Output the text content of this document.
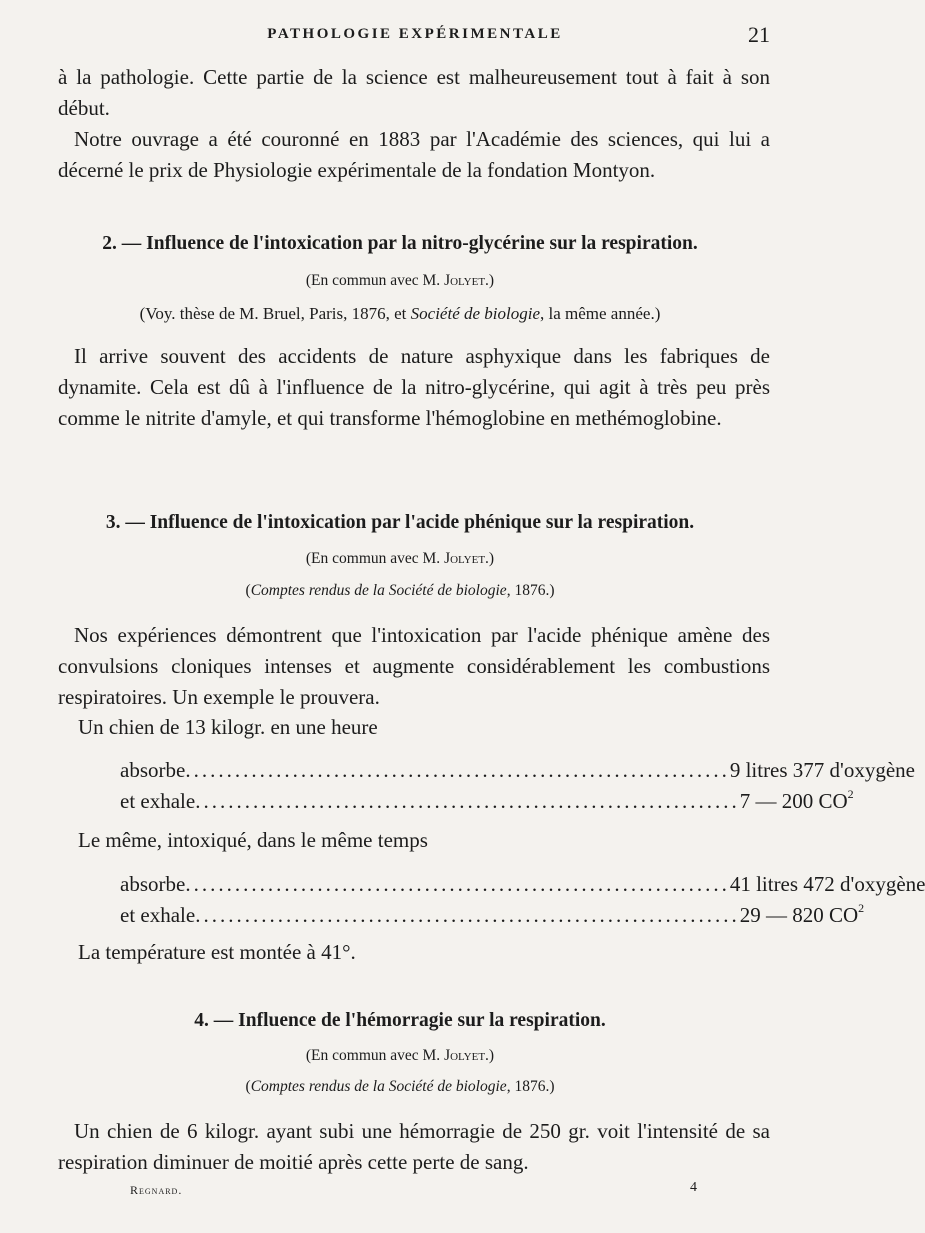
PATHOLOGIE EXPÉRIMENTALE	21

à la pathologie. Cette partie de la science est malheureusement tout à fait à son début.

Notre ouvrage a été couronné en 1883 par l'Académie des sciences, qui lui a décerné le prix de Physiologie expérimentale de la fondation Montyon.

2. — Influence de l'intoxication par la nitro-glycérine sur la respiration.

(En commun avec M. Jolyet.)

(Voy. thèse de M. Bruel, Paris, 1876, et Société de biologie, la même année.)

Il arrive souvent des accidents de nature asphyxique dans les fabriques de dynamite. Cela est dû à l'influence de la nitro-glycérine, qui agit à très peu près comme le nitrite d'amyle, et qui transforme l'hémoglobine en methémoglobine.

3. — Influence de l'intoxication par l'acide phénique sur la respiration.

(En commun avec M. Jolyet.)

(Comptes rendus de la Société de biologie, 1876.)

Nos expériences démontrent que l'intoxication par l'acide phénique amène des convulsions cloniques intenses et augmente considérablement les combustions respiratoires. Un exemple le prouvera.

Un chien de 13 kilogr. en une heure

absorbe .................................................................. 9 litres 377 d'oxygène
et exhale .................................................................. 7 — 200 $CO^2$

Le même, intoxiqué, dans le même temps

absorbe .................................................................. 41 litres 472 d'oxygène
et exhale .................................................................. 29 — 820 $CO^2$

La température est montée à 41°.

4. — Influence de l'hémorragie sur la respiration.

(En commun avec M. Jolyet.)

(Comptes rendus de la Société de biologie, 1876.)

Un chien de 6 kilogr. ayant subi une hémorragie de 250 gr. voit l'intensité de sa respiration diminuer de moitié après cette perte de sang.

Regnard.	4
